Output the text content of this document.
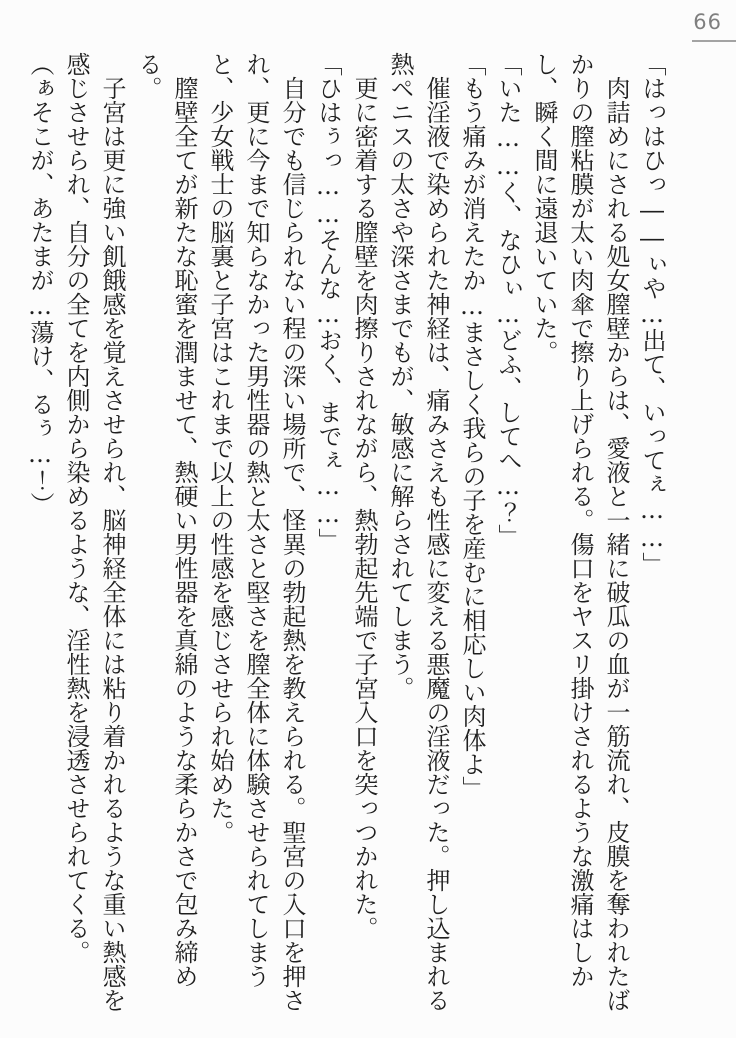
66

「はっはひっ――ぃや…出て、いってぇ……」

肉詰めにされる処女膣壁からは、愛液と一緒に破瓜の血が一筋流れ、皮膜を奪われたばかりの膣粘膜が太い肉傘で擦り上げられる。傷口をヤスリ掛けされるような激痛はしかし、瞬く間に遠退いていた。

「いた……く、なひぃ…どふ、してへ…？」

「もう痛みが消えたか…まさしく我らの子を産むに相応しい肉体よ」

催淫液で染められた神経は、痛みさえも性感に変える悪魔の淫液だった。押し込まれる熱ペニスの太さや深さまでもが、敏感に解らされてしまう。

更に密着する膣壁を肉擦りされながら、熱勃起先端で子宮入口を突っつかれた。

「ひはぅっ……そんな…おく、までぇ……」

自分でも信じられない程の深い場所で、怪異の勃起熱を教えられる。聖宮の入口を押され、更に今まで知らなかった男性器の熱と太さと堅さを膣全体に体験させられてしまうと、少女戦士の脳裏と子宮はこれまで以上の性感を感じさせられ始めた。

膣壁全てが新たな恥蜜を潤ませて、熱硬い男性器を真綿のような柔らかさで包み締める。

子宮は更に強い飢餓感を覚えさせられ、脳神経全体には粘り着かれるような重い熱感を感じさせられ、自分の全てを内側から染めるような、淫性熱を浸透させられてくる。

（ぁそこが、あたまが…蕩け、るぅ…！）
